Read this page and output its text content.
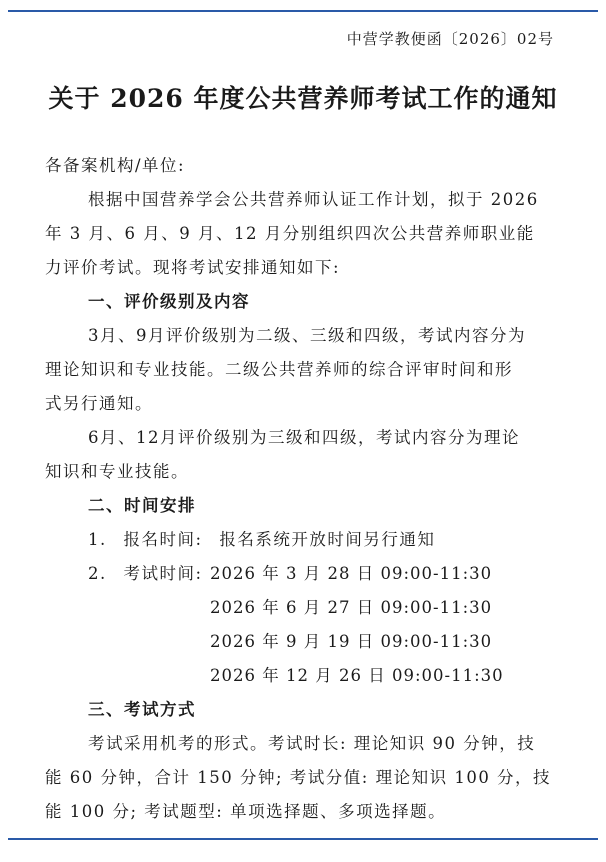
中营学教便函〔2026〕02号
关于 2026 年度公共营养师考试工作的通知
各备案机构/单位:
根据中国营养学会公共营养师认证工作计划，拟于 2026
年 3 月、6 月、9 月、12 月分别组织四次公共营养师职业能
力评价考试。现将考试安排通知如下:
一、评价级别及内容
3月、9月评价级别为二级、三级和四级，考试内容分为
理论知识和专业技能。二级公共营养师的综合评审时间和形
式另行通知。
6月、12月评价级别为三级和四级，考试内容分为理论
知识和专业技能。
二、时间安排
1. 报名时间: 报名系统开放时间另行通知
2. 考试时间: 2026 年 3 月 28 日 09:00-11:30
2026 年 6 月 27 日 09:00-11:30
2026 年 9 月 19 日 09:00-11:30
2026 年 12 月 26 日 09:00-11:30
三、考试方式
考试采用机考的形式。考试时长: 理论知识 90 分钟，技
能 60 分钟，合计 150 分钟; 考试分值: 理论知识 100 分，技
能 100 分; 考试题型: 单项选择题、多项选择题。
